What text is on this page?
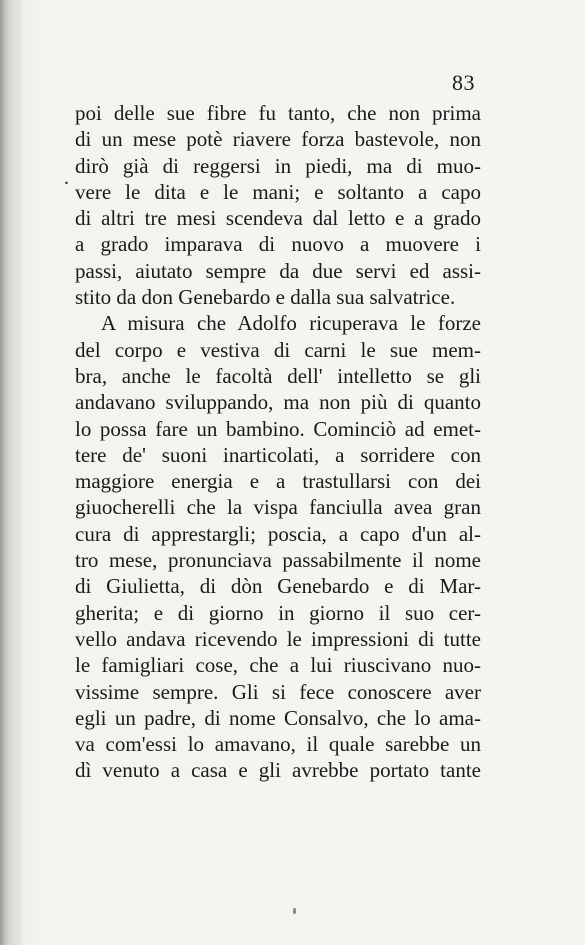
83
.
poi delle sue fibre fu tanto, che non prima
di un mese potè riavere forza bastevole, non
dirò già di reggersi in piedi, ma di muo-
vere le dita e le mani; e soltanto a capo
di altri tre mesi scendeva dal letto e a grado
a grado imparava di nuovo a muovere i
passi, aiutato sempre da due servi ed assi-
stito da don Genebardo e dalla sua salvatrice.
A misura che Adolfo ricuperava le forze
del corpo e vestiva di carni le sue mem-
bra, anche le facoltà dell' intelletto se gli
andavano sviluppando, ma non più di quanto
lo possa fare un bambino. Cominciò ad emet-
tere de' suoni inarticolati, a sorridere con
maggiore energia e a trastullarsi con dei
giuocherelli che la vispa fanciulla avea gran
cura di apprestargli; poscia, a capo d'un al-
tro mese, pronunciava passabilmente il nome
di Giulietta, di dòn Genebardo e di Mar-
gherita; e di giorno in giorno il suo cer-
vello andava ricevendo le impressioni di tutte
le famigliari cose, che a lui riuscivano nuo-
vissime sempre. Gli si fece conoscere aver
egli un padre, di nome Consalvo, che lo ama-
va com'essi lo amavano, il quale sarebbe un
dì venuto a casa e gli avrebbe portato tante
